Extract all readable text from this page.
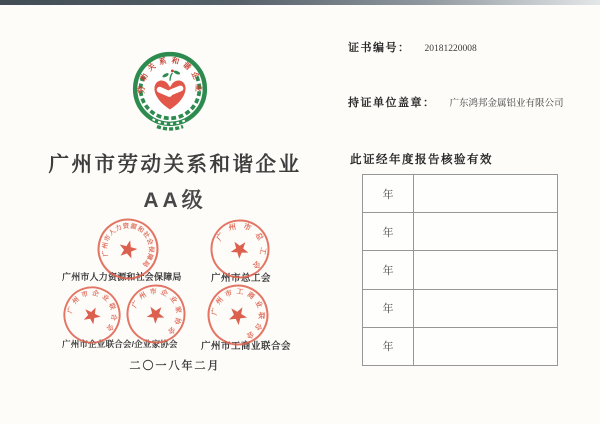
劳动关系和谐企业
广州市劳动关系和谐企业
AA级
广州市人力资源和社会保障局	广州市总工会
广州市企业联合会/企业家协会 广州市工商业联合会
广州市人力资源和社会保障局
广州市总工会
广州市企业联合会
广州市企业家协会
广州市工商业联合会
二〇一八年二月
证书编号： 20181220008
持证单位盖章： 广东鸿邦金属铝业有限公司
此证经年度报告核验有效
年
年
年
年
年
